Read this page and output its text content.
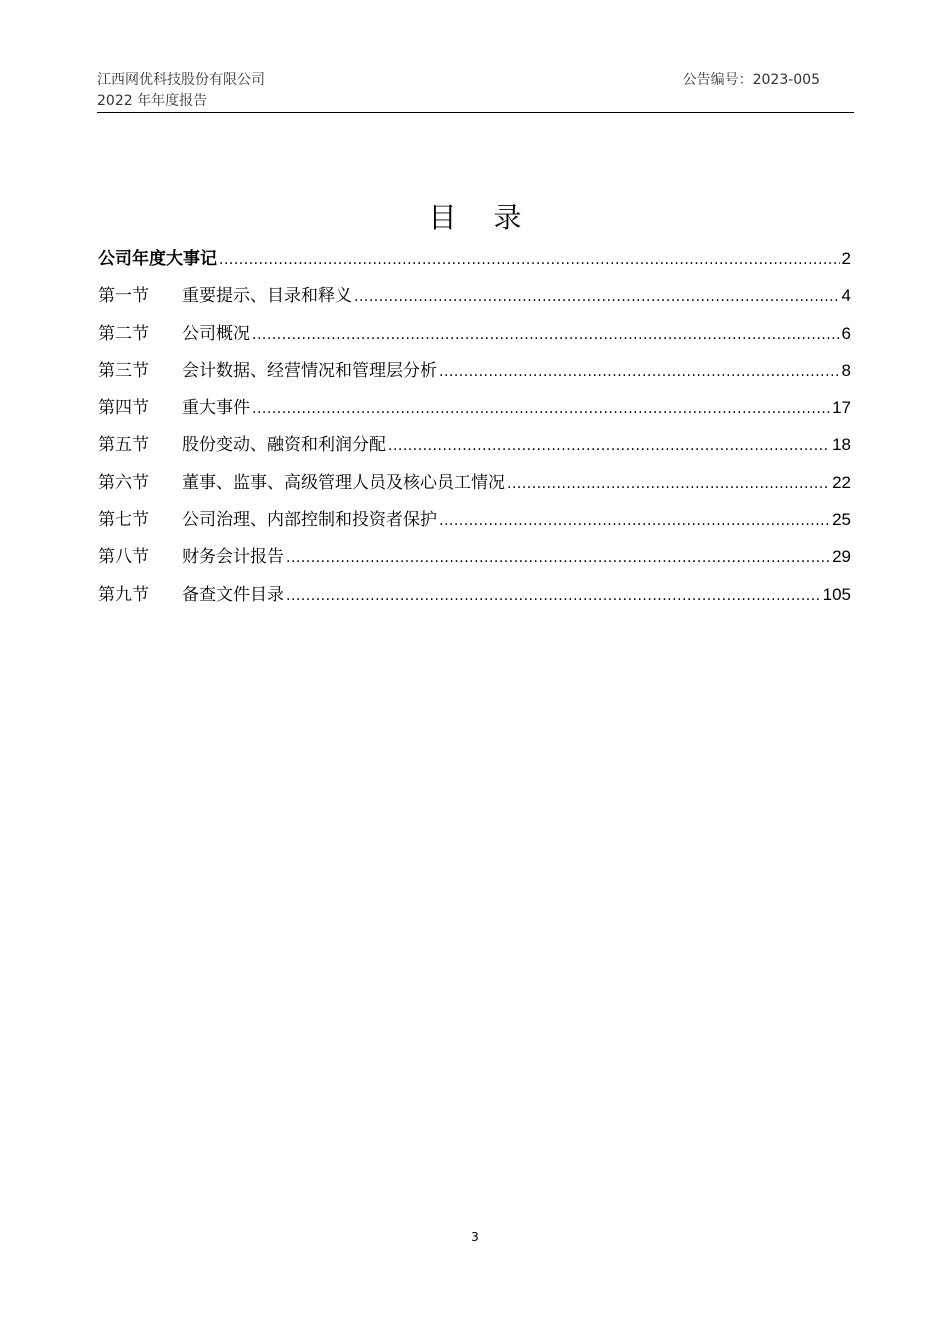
江西网优科技股份有限公司
2022 年年度报告
公告编号：2023-005
目 录
公司年度大事记 .....	2
第一节	重要提示、目录和释义 .....	4
第二节	公司概况 .....	6
第三节	会计数据、经营情况和管理层分析 .....	8
第四节	重大事件 .....	17
第五节	股份变动、融资和利润分配 .....	18
第六节	董事、监事、高级管理人员及核心员工情况 .....	22
第七节	公司治理、内部控制和投资者保护 .....	25
第八节	财务会计报告 .....	29
第九节	备查文件目录 .....	105
3
